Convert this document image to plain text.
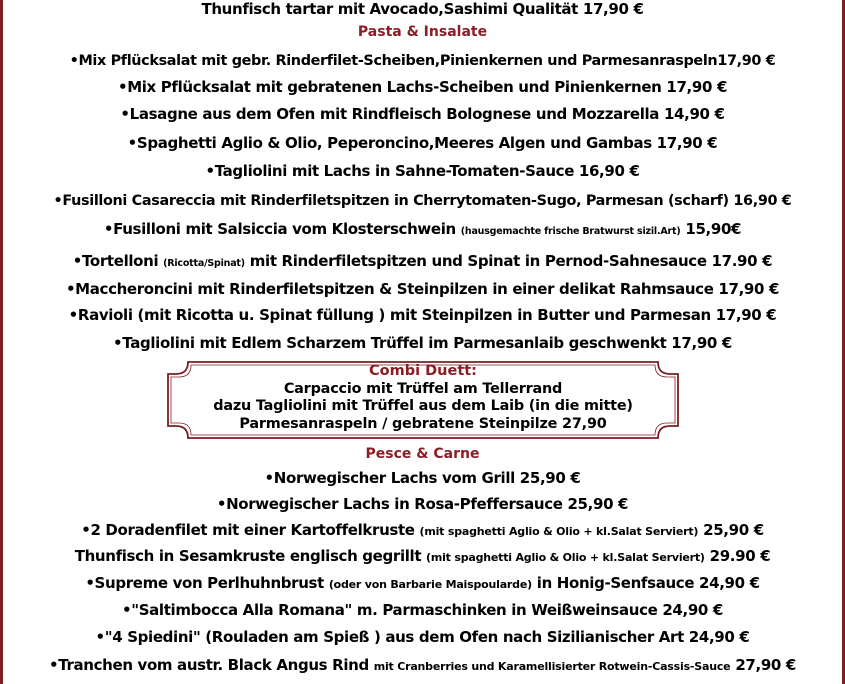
Thunfisch tartar mit Avocado,Sashimi Qualität 17,90 €
Pasta & Insalate
•Mix Pflücksalat mit gebr. Rinderfilet-Scheiben,Pinienkernen und Parmesanraspeln17,90 €
•Mix Pflücksalat mit gebratenen Lachs-Scheiben und Pinienkernen 17,90 €
•Lasagne aus dem Ofen mit Rindfleisch Bolognese und Mozzarella 14,90 €
•Spaghetti Aglio & Olio, Peperoncino,Meeres Algen und Gambas 17,90 €
•Tagliolini mit Lachs in Sahne-Tomaten-Sauce 16,90 €
•Fusilloni Casareccia mit Rinderfiletspitzen in Cherrytomaten-Sugo, Parmesan (scharf) 16,90 €
•Fusilloni mit Salsiccia vom Klosterschwein (hausgemachte frische Bratwurst sizil.Art) 15,90€
•Tortelloni (Ricotta/Spinat) mit Rinderfiletspitzen und Spinat in Pernod-Sahnesauce 17.90 €
•Maccheroncini mit Rinderfiletspitzen & Steinpilzen in einer delikat Rahmsauce 17,90 €
•Ravioli (mit Ricotta u. Spinat füllung ) mit Steinpilzen in Butter und Parmesan 17,90 €
•Tagliolini mit Edlem Scharzem Trüffel im Parmesanlaib geschwenkt 17,90 €
Combi Duett:
Carpaccio mit Trüffel am Tellerrand
dazu Tagliolini mit Trüffel aus dem Laib (in die mitte)
Parmesanraspeln / gebratene Steinpilze 27,90
Pesce & Carne
•Norwegischer Lachs vom Grill 25,90 €
•Norwegischer Lachs in Rosa-Pfeffersauce 25,90 €
•2 Doradenfilet mit einer Kartoffelkruste (mit spaghetti Aglio & Olio + kl.Salat Serviert) 25,90 €
Thunfisch in Sesamkruste englisch gegrillt (mit spaghetti Aglio & Olio + kl.Salat Serviert) 29.90 €
•Supreme von Perlhuhnbrust (oder von Barbarie Maispoularde) in Honig-Senfsauce 24,90 €
•"Saltimbocca Alla Romana" m. Parmaschinken in Weißweinsauce 24,90 €
•"4 Spiedini" (Rouladen am Spieß ) aus dem Ofen nach Sizilianischer Art 24,90 €
•Tranchen vom austr. Black Angus Rind mit Cranberries und Karamellisierter Rotwein-Cassis-Sauce 27,90 €
